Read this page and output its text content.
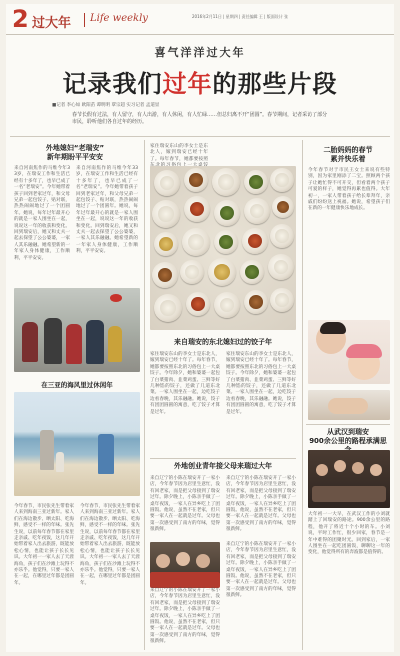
2 过大年 Life weekly	2016年2月11日 | 星期四 | 责任编辑 王 | 版面设计 张
喜气洋洋过大年
记录我们过年的那些片段
■记者 李心如 欧阳苗 谭明明 覃宗超 实习记者 孟道显
春节长假有过法，有人留守，有人出游，有人休闲，有人忙碌……但总归离不开“团圆”。春节期间，记者采访了部分市民，聆听他们各自过年的经历。
外地媳妇“老瑞安”
新年期盼平平安安
来自河南焦作的马维今年33岁，在瑞安工作和生活已经有十多年了，也早已成了一名“老瑞安”。今年她带着孩子回到老家过年，和父母兄弟一起包饺子、贴对联，热热闹闹地过了一个团圆年。她说，每年过年最开心的就是一家人围坐在一起，说说这一年的收获和变化。回到瑞安后，她又和丈夫一起去探望了公公婆婆，一家人其乐融融。她希望新的一年家人身体健康，工作顺利，平平安安。
来自河南焦作的马维今年33岁，在瑞安工作和生活已经有十多年了，也早已成了一名“老瑞安”。今年她带着孩子回到老家过年，和父母兄弟一起包饺子、贴对联，热热闹闹地过了一个团圆年。她说，每年过年最开心的就是一家人围坐在一起，说说这一年的收获和变化。回到瑞安后，她又和丈夫一起去探望了公公婆婆，一家人其乐融融。她希望新的一年家人身体健康，工作顺利，平平安安。
在三亚的海风里过休闲年
今年春节，市民张先生带着家人来到海南三亚过新年。家人们在海边散步、晒太阳、吃海鲜，感受不一样的年味。张先生说，以前每年春节都在家里走亲戚、吃年夜饭，这几年开始带着家人出去旅游，既能放松心情，也能让孩子长长见识。大年初一一家人去了天涯海角，孩子们在沙滩上玩得不亦乐乎。他觉得，只要一家人在一起，在哪里过年都是团圆年。
今年春节，市民张先生带着家人来到海南三亚过新年。家人们在海边散步、晒太阳、吃海鲜，感受不一样的年味。张先生说，以前每年春节都在家里走亲戚、吃年夜饭，这几年开始带着家人出去旅游，既能放松心情，也能让孩子长长见识。大年初一一家人去了天涯海角，孩子们在沙滩上玩得不亦乐乎。他觉得，只要一家人在一起，在哪里过年都是团圆年。
家住瑞安东山的李女士是东北人，嫁到瑞安已经十年了。每年春节，她都要按照
来自瑞安的东北媳妇过的饺子年
家住瑞安东山的李女士是东北人，嫁到瑞安已经十年了。每年春节，她都要按照东北的习俗包上一大桌饺子。今年除夕，她和婆婆一起包了白菜猪肉、韭菜鸡蛋、三鲜等好几种馅的饺子，还做了几道东北菜。一家人围坐在一起，边吃饺子边看春晚，其乐融融。她说，饺子有团团圆圆的寓意，吃了饺子才算是过年。
家住瑞安东山的李女士是东北人，嫁到瑞安已经十年了。每年春节，她都要按照东北的习俗包上一大桌饺子。今年除夕，她和婆婆一起包了白菜猪肉、韭菜鸡蛋、三鲜等好几种馅的饺子，还做了几道东北菜。一家人围坐在一起，边吃饺子边看春晚，其乐融融。她说，饺子有团团圆圆的寓意，吃了饺子才算是过年。
外地创业青年接父母来瑞过大年
来自辽宁的小陈在瑞安开了一家小店，今年春节因为店里生意忙，没有回老家，而是把父母接到了瑞安过年。除夕晚上，小陈亲手做了一桌年夜饭，一家人在异乡吃上了团圆饭。他说，虽然不在老家，但只要一家人在一起就是过年。父母也第一次感受到了南方的年味，觉得很新鲜。
来自辽宁的小陈在瑞安开了一家小店，今年春节因为店里生意忙，没有回老家，而是把父母接到了瑞安过年。除夕晚上，小陈亲手做了一桌年夜饭，一家人在异乡吃上了团圆饭。他说，虽然不在老家，但只要一家人在一起就是过年。父母也第一次感受到了南方的年味，觉得很新鲜。
来自辽宁的小陈在瑞安开了一家小店，今年春节因为店里生意忙，没有回老家，而是把父母接到了瑞安过年。除夕晚上，小陈亲手做了一桌年夜饭，一家人在异乡吃上了团圆饭。他说，虽然不在老家，但只要一家人在一起就是过年。父母也第一次感受到了南方的年味，觉得很新鲜。
来自辽宁的小陈在瑞安开了一家小店，今年春节因为店里生意忙，没有回老家，而是把父母接到了瑞安过年。除夕晚上，小陈亲手做了一桌年夜饭，一家人在异乡吃上了团圆饭。他说，虽然不在老家，但只要一家人在一起就是过年。父母也第一次感受到了南方的年味，觉得很新鲜。
二胎妈妈的春节
累并快乐着
今年春节对于市民王女士来说有些特别，因为家里刚添了二宝。照顾两个孩子让她忙得不可开交，但看着两个孩子可爱的样子，她觉得再累也值得。大年初一，一家人带着孩子给长辈拜年，亲戚们纷纷送上祝福。她说，希望孩子们在新的一年健康快乐地成长。
从武汉到瑞安
900余公里的路程承满思
大年初一一大早，在武汉工作的小刘就踏上了回瑞安的路途。900余公里的路程，他开了将近十个小时的车。小刘说，平时工作忙，很少回家，春节是一年中难得的团聚时光。回到家后，一家人围坐在一起吃团圆饭，聊聊这一年的变化，他觉得所有的奔波都是值得的。
